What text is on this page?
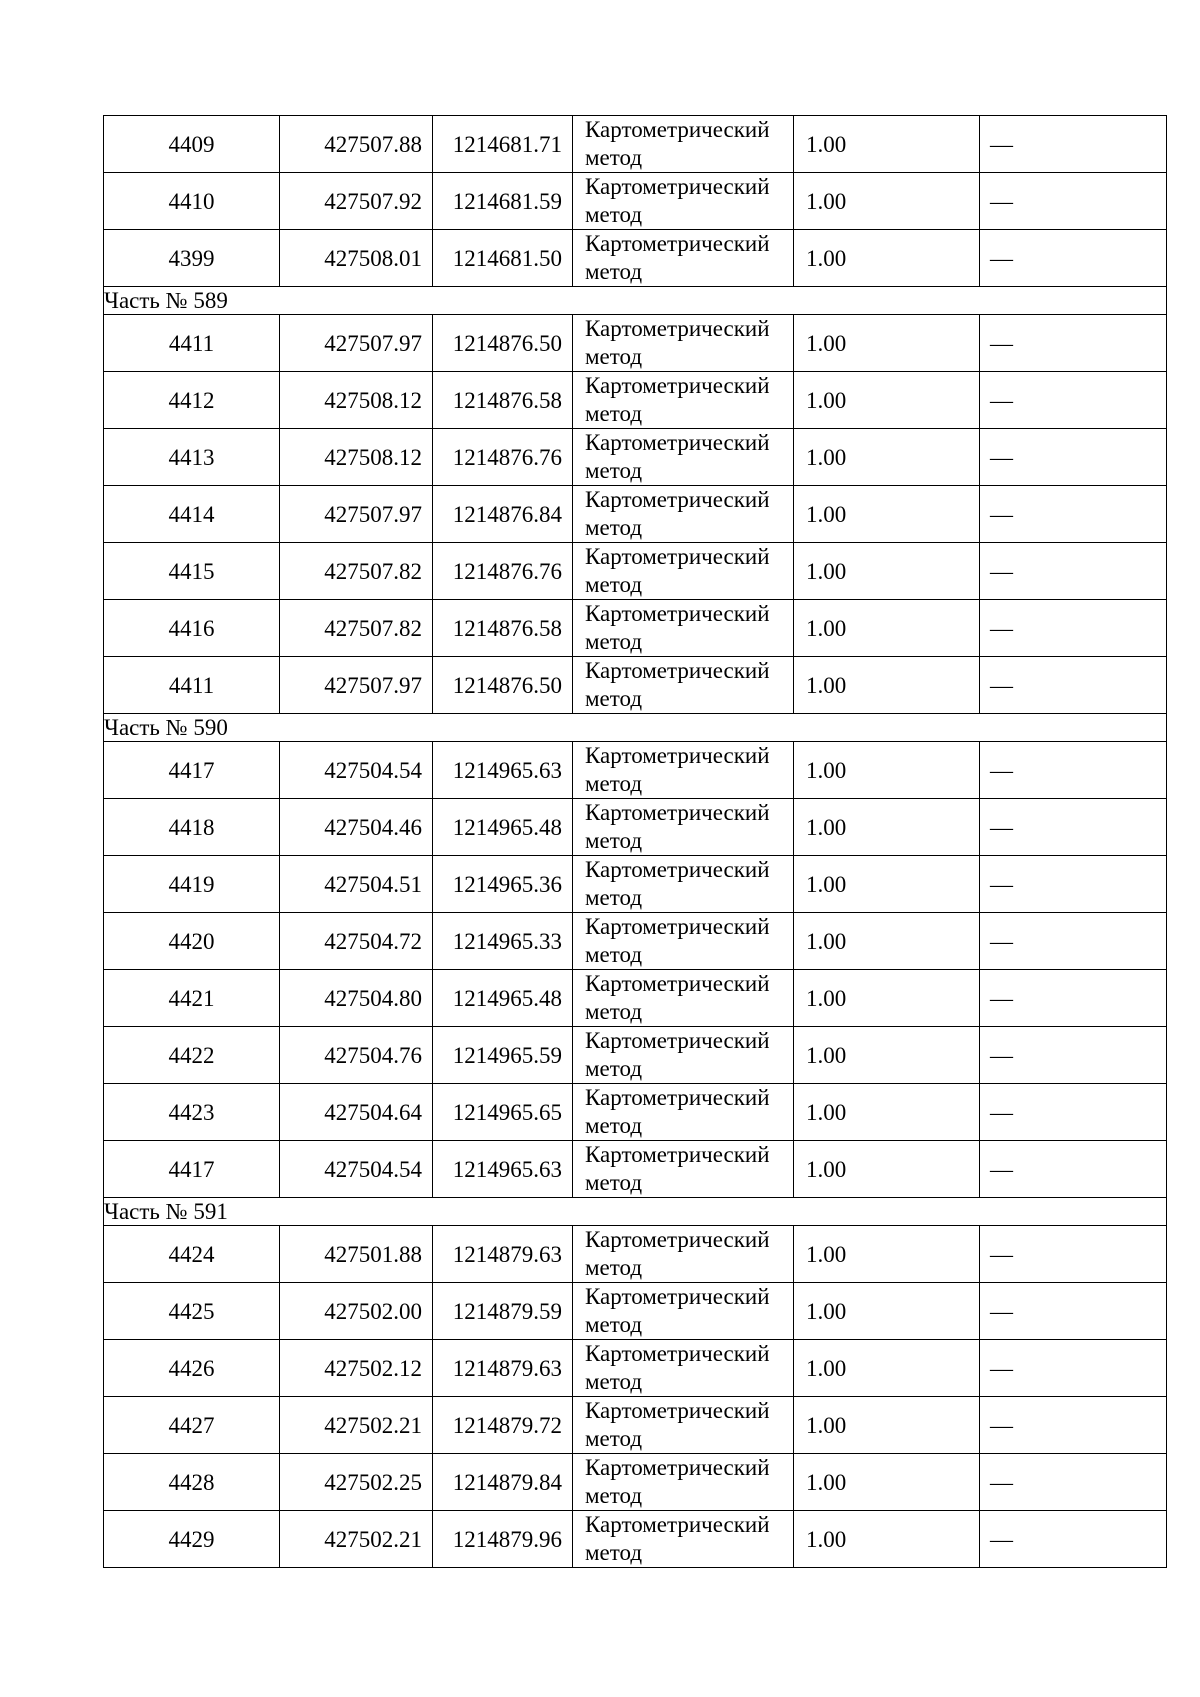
4409	427507.88	1214681.71	Картометрический метод	1.00	—
4410	427507.92	1214681.59	Картометрический метод	1.00	—
4399	427508.01	1214681.50	Картометрический метод	1.00	—
Часть № 589					
4411	427507.97	1214876.50	Картометрический метод	1.00	—
4412	427508.12	1214876.58	Картометрический метод	1.00	—
4413	427508.12	1214876.76	Картометрический метод	1.00	—
4414	427507.97	1214876.84	Картометрический метод	1.00	—
4415	427507.82	1214876.76	Картометрический метод	1.00	—
4416	427507.82	1214876.58	Картометрический метод	1.00	—
4411	427507.97	1214876.50	Картометрический метод	1.00	—
Часть № 590					
4417	427504.54	1214965.63	Картометрический метод	1.00	—
4418	427504.46	1214965.48	Картометрический метод	1.00	—
4419	427504.51	1214965.36	Картометрический метод	1.00	—
4420	427504.72	1214965.33	Картометрический метод	1.00	—
4421	427504.80	1214965.48	Картометрический метод	1.00	—
4422	427504.76	1214965.59	Картометрический метод	1.00	—
4423	427504.64	1214965.65	Картометрический метод	1.00	—
4417	427504.54	1214965.63	Картометрический метод	1.00	—
Часть № 591					
4424	427501.88	1214879.63	Картометрический метод	1.00	—
4425	427502.00	1214879.59	Картометрический метод	1.00	—
4426	427502.12	1214879.63	Картометрический метод	1.00	—
4427	427502.21	1214879.72	Картометрический метод	1.00	—
4428	427502.25	1214879.84	Картометрический метод	1.00	—
4429	427502.21	1214879.96	Картометрический метод	1.00	—
